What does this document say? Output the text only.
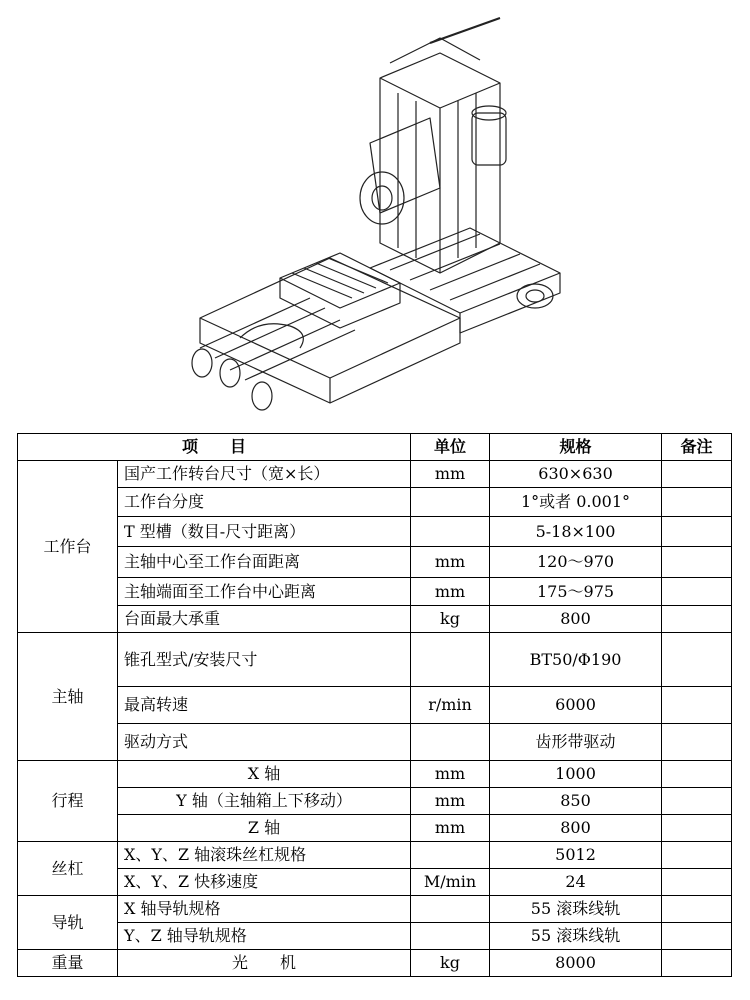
项　　目		单位	规格	备注
工作台	国产工作转台尺寸（宽×长）	mm	630×630	
	工作台分度		1°或者 0.001°	
	T 型槽（数目-尺寸距离）		5-18×100	
	主轴中心至工作台面距离	mm	120～970	
	主轴端面至工作台中心距离	mm	175～975	
	台面最大承重	kg	800	
主轴	锥孔型式/安装尺寸		BT50/Φ190	
	最高转速	r/min	6000	
	驱动方式		齿形带驱动	
行程	X 轴	mm	1000	
	Y 轴（主轴箱上下移动）	mm	850	
	Z 轴	mm	800	
丝杠	X、Y、Z 轴滚珠丝杠规格		5012	
	X、Y、Z 快移速度	M/min	24	
导轨	X 轴导轨规格		55 滚珠线轨	
	Y、Z 轴导轨规格		55 滚珠线轨	
重量	光　　机	kg	8000	
